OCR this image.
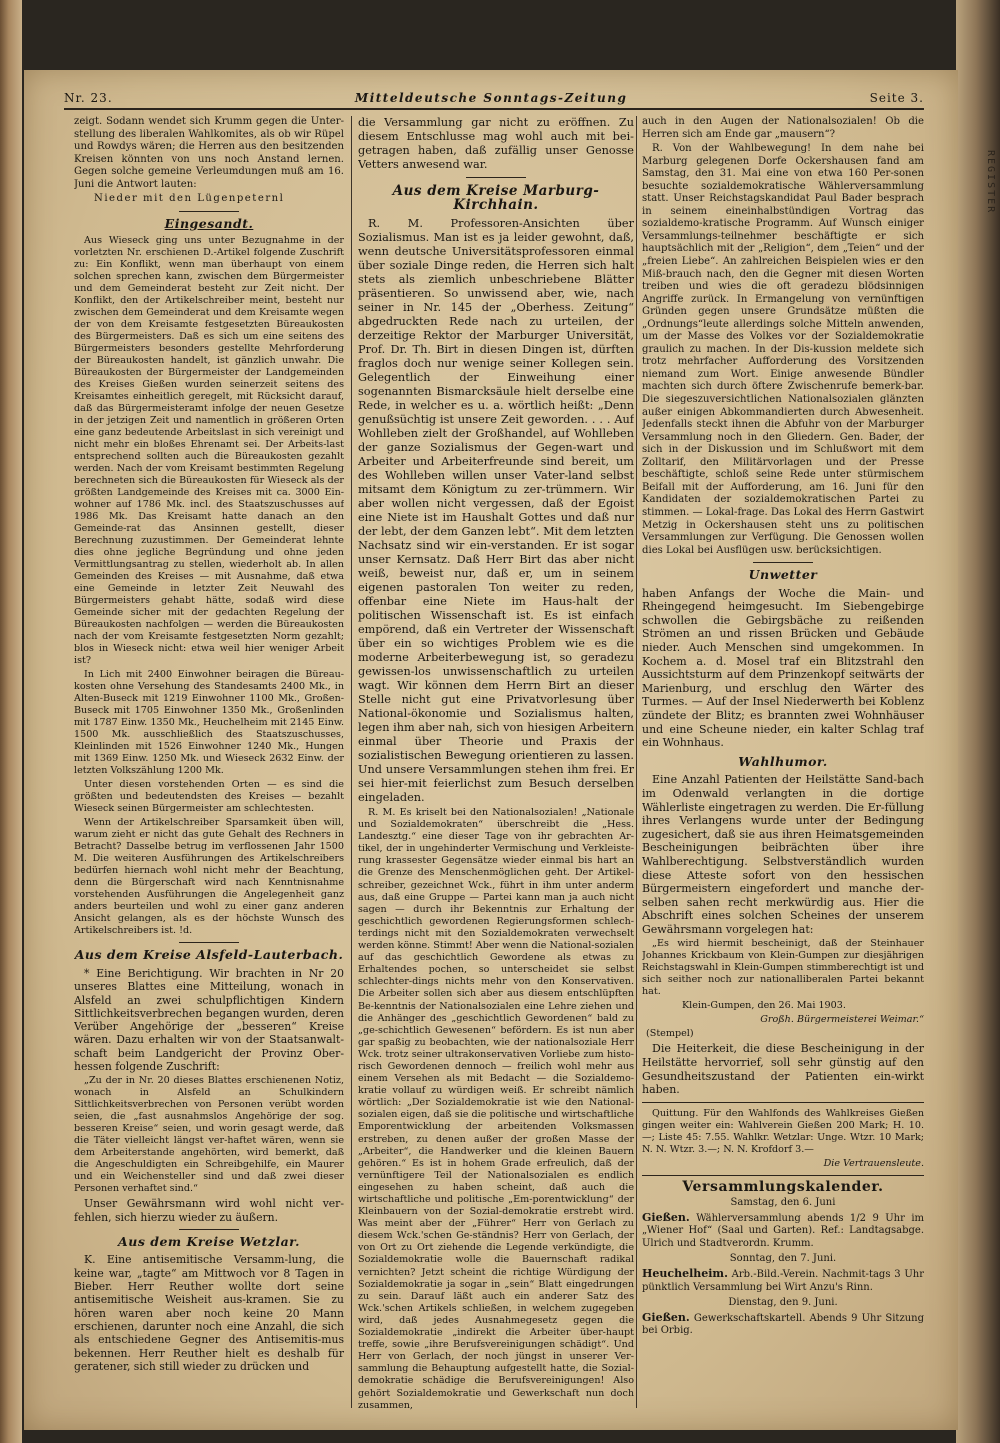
REGISTER
Nr. 23.	Mitteldeutsche Sonntags-Zeitung	Seite 3.

zeigt. Sodann wendet sich Krumm gegen die Unter-stellung des liberalen Wahlkomites, als ob wir Rüpel und Rowdys wären; die Herren aus den besitzenden Kreisen könnten von uns noch Anstand lernen. Gegen solche gemeine Verleumdungen muß am 16. Juni die Antwort lauten:

Nieder mit den Lügenpeternl

Eingesandt.

Aus Wieseck ging uns unter Bezugnahme in der vorletzten Nr. erschienen D.-Artikel folgende Zuschrift zu: Ein Konflikt, wenn man überhaupt von einem solchen sprechen kann, zwischen dem Bürgermeister und dem Gemeinderat besteht zur Zeit nicht. Der Konflikt, den der Artikelschreiber meint, besteht nur zwischen dem Gemeinderat und dem Kreisamte wegen der von dem Kreisamte festgesetzten Büreaukosten des Bürgermeisters. Daß es sich um eine seitens des Bürgermeisters besonders gestellte Mehrforderung der Büreaukosten handelt, ist gänzlich unwahr. Die Büreaukosten der Bürgermeister der Landgemeinden des Kreises Gießen wurden seinerzeit seitens des Kreisamtes einheitlich geregelt, mit Rücksicht darauf, daß das Bürgermeisteramt infolge der neuen Gesetze in der jetzigen Zeit und namentlich in größeren Orten eine ganz bedeutende Arbeitslast in sich vereinigt und nicht mehr ein bloßes Ehrenamt sei. Der Arbeits-last entsprechend sollten auch die Büreaukosten gezahlt werden. Nach der vom Kreisamt bestimmten Regelung berechneten sich die Büreaukosten für Wieseck als der größten Landgemeinde des Kreises mit ca. 3000 Ein-wohner auf 1786 Mk. incl. des Staatszuschusses auf 1986 Mk. Das Kreisamt hatte danach an den Gemeinde-rat das Ansinnen gestellt, dieser Berechnung zuzustimmen. Der Gemeinderat lehnte dies ohne jegliche Begründung und ohne jeden Vermittlungsantrag zu stellen, wiederholt ab. In allen Gemeinden des Kreises — mit Ausnahme, daß etwa eine Gemeinde in letzter Zeit Neuwahl des Bürgermeisters gehabt hätte, sodaß wird diese Gemeinde sicher mit der gedachten Regelung der Büreaukosten nachfolgen — werden die Büreaukosten nach der vom Kreisamte festgesetzten Norm gezahlt; blos in Wieseck nicht: etwa weil hier weniger Arbeit ist?

In Lich mit 2400 Einwohner beiragen die Büreau-kosten ohne Versehung des Standesamts 2400 Mk., in Alten-Buseck mit 1219 Einwohner 1100 Mk., Großen-Buseck mit 1705 Einwohner 1350 Mk., Großenlinden mit 1787 Einw. 1350 Mk., Heuchelheim mit 2145 Einw. 1500 Mk. ausschließlich des Staatszuschusses, Kleinlinden mit 1526 Einwohner 1240 Mk., Hungen mit 1369 Einw. 1250 Mk. und Wieseck 2632 Einw. der letzten Volkszählung 1200 Mk.

Unter diesen vorstehenden Orten — es sind die größten und bedeutendsten des Kreises — bezahlt Wieseck seinen Bürgermeister am schlechtesten.

Wenn der Artikelschreiber Sparsamkeit üben will, warum zieht er nicht das gute Gehalt des Rechners in Betracht? Dasselbe betrug im verflossenen Jahr 1500 M. Die weiteren Ausführungen des Artikelschreibers bedürfen hiernach wohl nicht mehr der Beachtung, denn die Bürgerschaft wird nach Kenntnisnahme vorstehenden Ausführungen die Angelegenheit ganz anders beurteilen und wohl zu einer ganz anderen Ansicht gelangen, als es der höchste Wunsch des Artikelschreibers ist. !d.

Aus dem Kreise Alsfeld-Lauterbach.

* Eine Berichtigung. Wir brachten in Nr 20 unseres Blattes eine Mitteilung, wonach in Alsfeld an zwei schulpflichtigen Kindern Sittlichkeitsverbrechen begangen wurden, deren Verüber Angehörige der „besseren“ Kreise wären. Dazu erhalten wir von der Staatsanwalt-schaft beim Landgericht der Provinz Ober-hessen folgende Zuschrift:

„Zu der in Nr. 20 dieses Blattes erschienenen Notiz, wonach in Alsfeld an Schulkindern Sittlichkeitsverbrechen von Personen verübt worden seien, die „fast ausnahmslos Angehörige der sog. besseren Kreise“ seien, und worin gesagt werde, daß die Täter vielleicht längst ver-haftet wären, wenn sie dem Arbeiterstande angehörten, wird bemerkt, daß die Angeschuldigten ein Schreibgehilfe, ein Maurer und ein Weichensteller sind und daß zwei dieser Personen verhaftet sind.“

Unser Gewährsmann wird wohl nicht ver-fehlen, sich hierzu wieder zu äußern.

Aus dem Kreise Wetzlar.

K. Eine antisemitische Versamm-lung, die keine war, „tagte“ am Mittwoch vor 8 Tagen in Bieber. Herr Reuther wollte dort seine antisemitische Weisheit aus-kramen. Sie zu hören waren aber noch keine 20 Mann erschienen, darunter noch eine Anzahl, die sich als entschiedene Gegner des Antisemitis-mus bekennen. Herr Reuther hielt es deshalb für geratener, sich still wieder zu drücken und

die Versammlung gar nicht zu eröffnen. Zu diesem Entschlusse mag wohl auch mit bei-getragen haben, daß zufällig unser Genosse Vetters anwesend war.

Aus dem Kreise Marburg-Kirchhain.

R. M. Professoren-Ansichten über Sozialismus. Man ist es ja leider gewohnt, daß, wenn deutsche Universitätsprofessoren einmal über soziale Dinge reden, die Herren sich halt stets als ziemlich unbeschriebene Blätter präsentieren. So unwissend aber, wie, nach seiner in Nr. 145 der „Oberhess. Zeitung“ abgedruckten Rede nach zu urteilen, der derzeitige Rektor der Marburger Universität, Prof. Dr. Th. Birt in diesen Dingen ist, dürften fraglos doch nur wenige seiner Kollegen sein. Gelegentlich der Einweihung einer sogenannten Bismarcksäule hielt derselbe eine Rede, in welcher es u. a. wörtlich heißt: „Denn genußsüchtig ist unsere Zeit geworden. . . . Auf Wohlleben zielt der Großhandel, auf Wohlleben der ganze Sozialismus der Gegen-wart und Arbeiter und Arbeiterfreunde sind bereit, um des Wohlleben willen unser Vater-land selbst mitsamt dem Königtum zu zer-trümmern. Wir aber wollen nicht vergessen, daß der Egoist eine Niete ist im Haushalt Gottes und daß nur der lebt, der dem Ganzen lebt“. Mit dem letzten Nachsatz sind wir ein-verstanden. Er ist sogar unser Kernsatz. Daß Herr Birt das aber nicht weiß, beweist nur, daß er, um in seinem eigenen pastoralen Ton weiter zu reden, offenbar eine Niete im Haus-halt der politischen Wissenschaft ist. Es ist einfach empörend, daß ein Vertreter der Wissenschaft über ein so wichtiges Problem wie es die moderne Arbeiterbewegung ist, so geradezu gewissen-los unwissenschaftlich zu urteilen wagt. Wir können dem Herrn Birt an dieser Stelle nicht gut eine Privatvorlesung über National-ökonomie und Sozialismus halten, legen ihm aber nah, sich von hiesigen Arbeitern einmal über Theorie und Praxis der sozialistischen Bewegung orientieren zu lassen. Und unsere Versammlungen stehen ihm frei. Er sei hier-mit feierlichst zum Besuch derselben eingeladen.

R. M. Es kriselt bei den Nationalsozialen! „Nationale und Sozialdemokraten“ überschreibt die „Hess. Landesztg.“ eine dieser Tage von ihr gebrachten Ar-tikel, der in ungehinderter Vermischung und Verkleiste-rung krassester Gegensätze wieder einmal bis hart an die Grenze des Menschenmöglichen geht. Der Artikel-schreiber, gezeichnet Wck., führt in ihm unter anderm aus, daß eine Gruppe — Partei kann man ja auch nicht sagen — durch ihr Bekenntnis zur Erhaltung der geschichtlich gewordenen Regierungsformen schlech-terdings nicht mit den Sozialdemokraten verwechselt werden könne. Stimmt! Aber wenn die National-sozialen auf das geschichtlich Gewordene als etwas zu Erhaltendes pochen, so unterscheidet sie selbst schlechter-dings nichts mehr von den Konservativen. Die Arbeiter sollen sich aber aus diesem entschlüpften Be-kenntnis der Nationalsozialen eine Lehre ziehen und die Anhänger des „geschichtlich Gewordenen“ bald zu „ge-schichtlich Gewesenen“ befördern. Es ist nun aber gar spaßig zu beobachten, wie der nationalsoziale Herr Wck. trotz seiner ultrakonservativen Vorliebe zum histo-risch Gewordenen dennoch — freilich wohl mehr aus einem Versehen als mit Bedacht — die Sozialdemo-kratie vollauf zu würdigen weiß. Er schreibt nämlich wörtlich: „Der Sozialdemokratie ist wie den National-sozialen eigen, daß sie die politische und wirtschaftliche Emporentwicklung der arbeitenden Volksmassen erstreben, zu denen außer der großen Masse der „Arbeiter“, die Handwerker und die kleinen Bauern gehören.“ Es ist in hohem Grade erfreulich, daß der vernünftigere Teil der Nationalsozialen es endlich eingesehen zu haben scheint, daß auch die wirtschaftliche und politische „Em-porentwicklung“ der Kleinbauern von der Sozial-demokratie erstrebt wird. Was meint aber der „Führer“ Herr von Gerlach zu diesem Wck.'schen Ge-ständnis? Herr von Gerlach, der von Ort zu Ort ziehende die Legende verkündigte, die Sozialdemokratie wolle die Bauernschaft radikal vernichten? Jetzt scheint die richtige Würdigung der Sozialdemokratie ja sogar in „sein“ Blatt eingedrungen zu sein. Darauf läßt auch ein anderer Satz des Wck.'schen Artikels schließen, in welchem zugegeben wird, daß jedes Ausnahmegesetz gegen die Sozialdemokratie „indirekt die Arbeiter über-haupt treffe, sowie „ihre Berufsvereinigungen schädigt“. Und Herr von Gerlach, der noch jüngst in unserer Ver-sammlung die Behauptung aufgestellt hatte, die Sozial-demokratie schädige die Berufsvereinigungen! Also gehört Sozialdemokratie und Gewerkschaft nun doch zusammen,

auch in den Augen der Nationalsozialen! Ob die Herren sich am Ende gar „mausern“?

R. Von der Wahlbewegung! In dem nahe bei Marburg gelegenen Dorfe Ockershausen fand am Samstag, den 31. Mai eine von etwa 160 Per-sonen besuchte sozialdemokratische Wählerversammlung statt. Unser Reichstagskandidat Paul Bader besprach in seinem eineinhalbstündigen Vortrag das sozialdemo-kratische Programm. Auf Wunsch einiger Versammlungs-teilnehmer beschäftigte er sich hauptsächlich mit der „Religion“, dem „Teien“ und der „freien Liebe“. An zahlreichen Beispielen wies er den Miß-brauch nach, den die Gegner mit diesen Worten treiben und wies die oft geradezu blödsinnigen Angriffe zurück. In Ermangelung von vernünftigen Gründen gegen unsere Grundsätze müßten die „Ordnungs“leute allerdings solche Mitteln anwenden, um der Masse des Volkes vor der Sozialdemokratie graulich zu machen. In der Dis-kussion meldete sich trotz mehrfacher Aufforderung des Vorsitzenden niemand zum Wort. Einige anwesende Bündler machten sich durch öftere Zwischenrufe bemerk-bar. Die siegeszuversichtlichen Nationalsozialen glänzten außer einigen Abkommandierten durch Abwesenheit. Jedenfalls steckt ihnen die Abfuhr von der Marburger Versammlung noch in den Gliedern. Gen. Bader, der sich in der Diskussion und im Schlußwort mit dem Zolltarif, den Militärvorlagen und der Presse beschäftigte, schloß seine Rede unter stürmischem Beifall mit der Aufforderung, am 16. Juni für den Kandidaten der sozialdemokratischen Partei zu stimmen. — Lokal-frage. Das Lokal des Herrn Gastwirt Metzig in Ockershausen steht uns zu politischen Versammlungen zur Verfügung. Die Genossen wollen dies Lokal bei Ausflügen usw. berücksichtigen.

Unwetter

haben Anfangs der Woche die Main- und Rheingegend heimgesucht. Im Siebengebirge schwollen die Gebirgsbäche zu reißenden Strömen an und rissen Brücken und Gebäude nieder. Auch Menschen sind umgekommen. In Kochem a. d. Mosel traf ein Blitzstrahl den Aussichtsturm auf dem Prinzenkopf seitwärts der Marienburg, und erschlug den Wärter des Turmes. — Auf der Insel Niederwerth bei Koblenz zündete der Blitz; es brannten zwei Wohnhäuser und eine Scheune nieder, ein kalter Schlag traf ein Wohnhaus.

Wahlhumor.

Eine Anzahl Patienten der Heilstätte Sand-bach im Odenwald verlangten in die dortige Wählerliste eingetragen zu werden. Die Er-füllung ihres Verlangens wurde unter der Bedingung zugesichert, daß sie aus ihren Heimatsgemeinden Bescheinigungen beibrächten über ihre Wahlberechtigung. Selbstverständlich wurden diese Atteste sofort von den hessischen Bürgermeistern eingefordert und manche der-selben sahen recht merkwürdig aus. Hier die Abschrift eines solchen Scheines der unserem Gewährsmann vorgelegen hat:

„Es wird hiermit bescheinigt, daß der Steinhauer Johannes Krickbaum von Klein-Gumpen zur diesjährigen Reichstagswahl in Klein-Gumpen stimmberechtigt ist und sich seither noch zur nationalliberalen Partei bekannt hat.

Klein-Gumpen, den 26. Mai 1903.

Großh. Bürgermeisterei Weimar.“

(Stempel)

Die Heiterkeit, die diese Bescheinigung in der Heilstätte hervorrief, soll sehr günstig auf den Gesundheitszustand der Patienten ein-wirkt haben.

Quittung. Für den Wahlfonds des Wahlkreises Gießen gingen weiter ein: Wahlverein Gießen 200 Mark; H. 10.—; Liste 45: 7.55. Wahlkr. Wetzlar: Unge. Wtzr. 10 Mark; N. N. Wtzr. 3.—; N. N. Krofdorf 3.—

Die Vertrauensleute.

Versammlungskalender.
Samstag, den 6. Juni
Gießen. Wählerversammlung abends 1/2 9 Uhr im „Wiener Hof“ (Saal und Garten). Ref.: Landtagsabge. Ulrich und Stadtverordn. Krumm.
Sonntag, den 7. Juni.
Heuchelheim. Arb.-Bild.-Verein. Nachmit-tags 3 Uhr pünktlich Versammlung bei Wirt Anzu's Rinn.
Dienstag, den 9. Juni.
Gießen. Gewerkschaftskartell. Abends 9 Uhr Sitzung bei Orbig.
